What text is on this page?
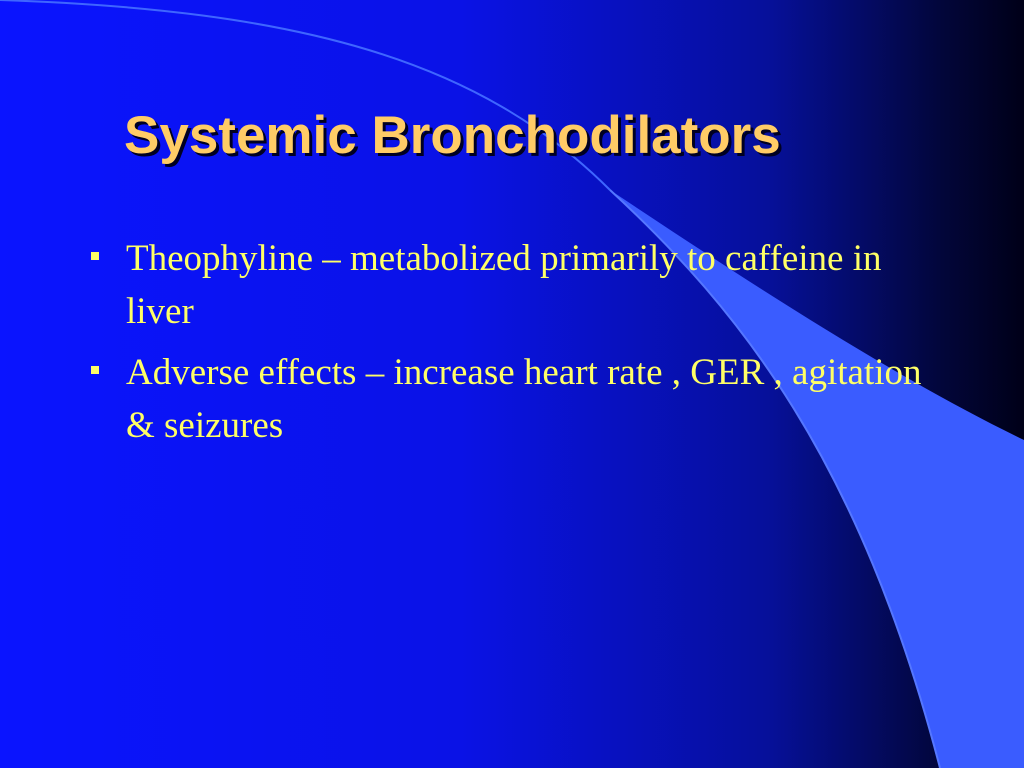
Systemic Bronchodilators
Theophyline – metabolized primarily to caffeine in liver
Adverse effects – increase heart rate , GER , agitation & seizures
